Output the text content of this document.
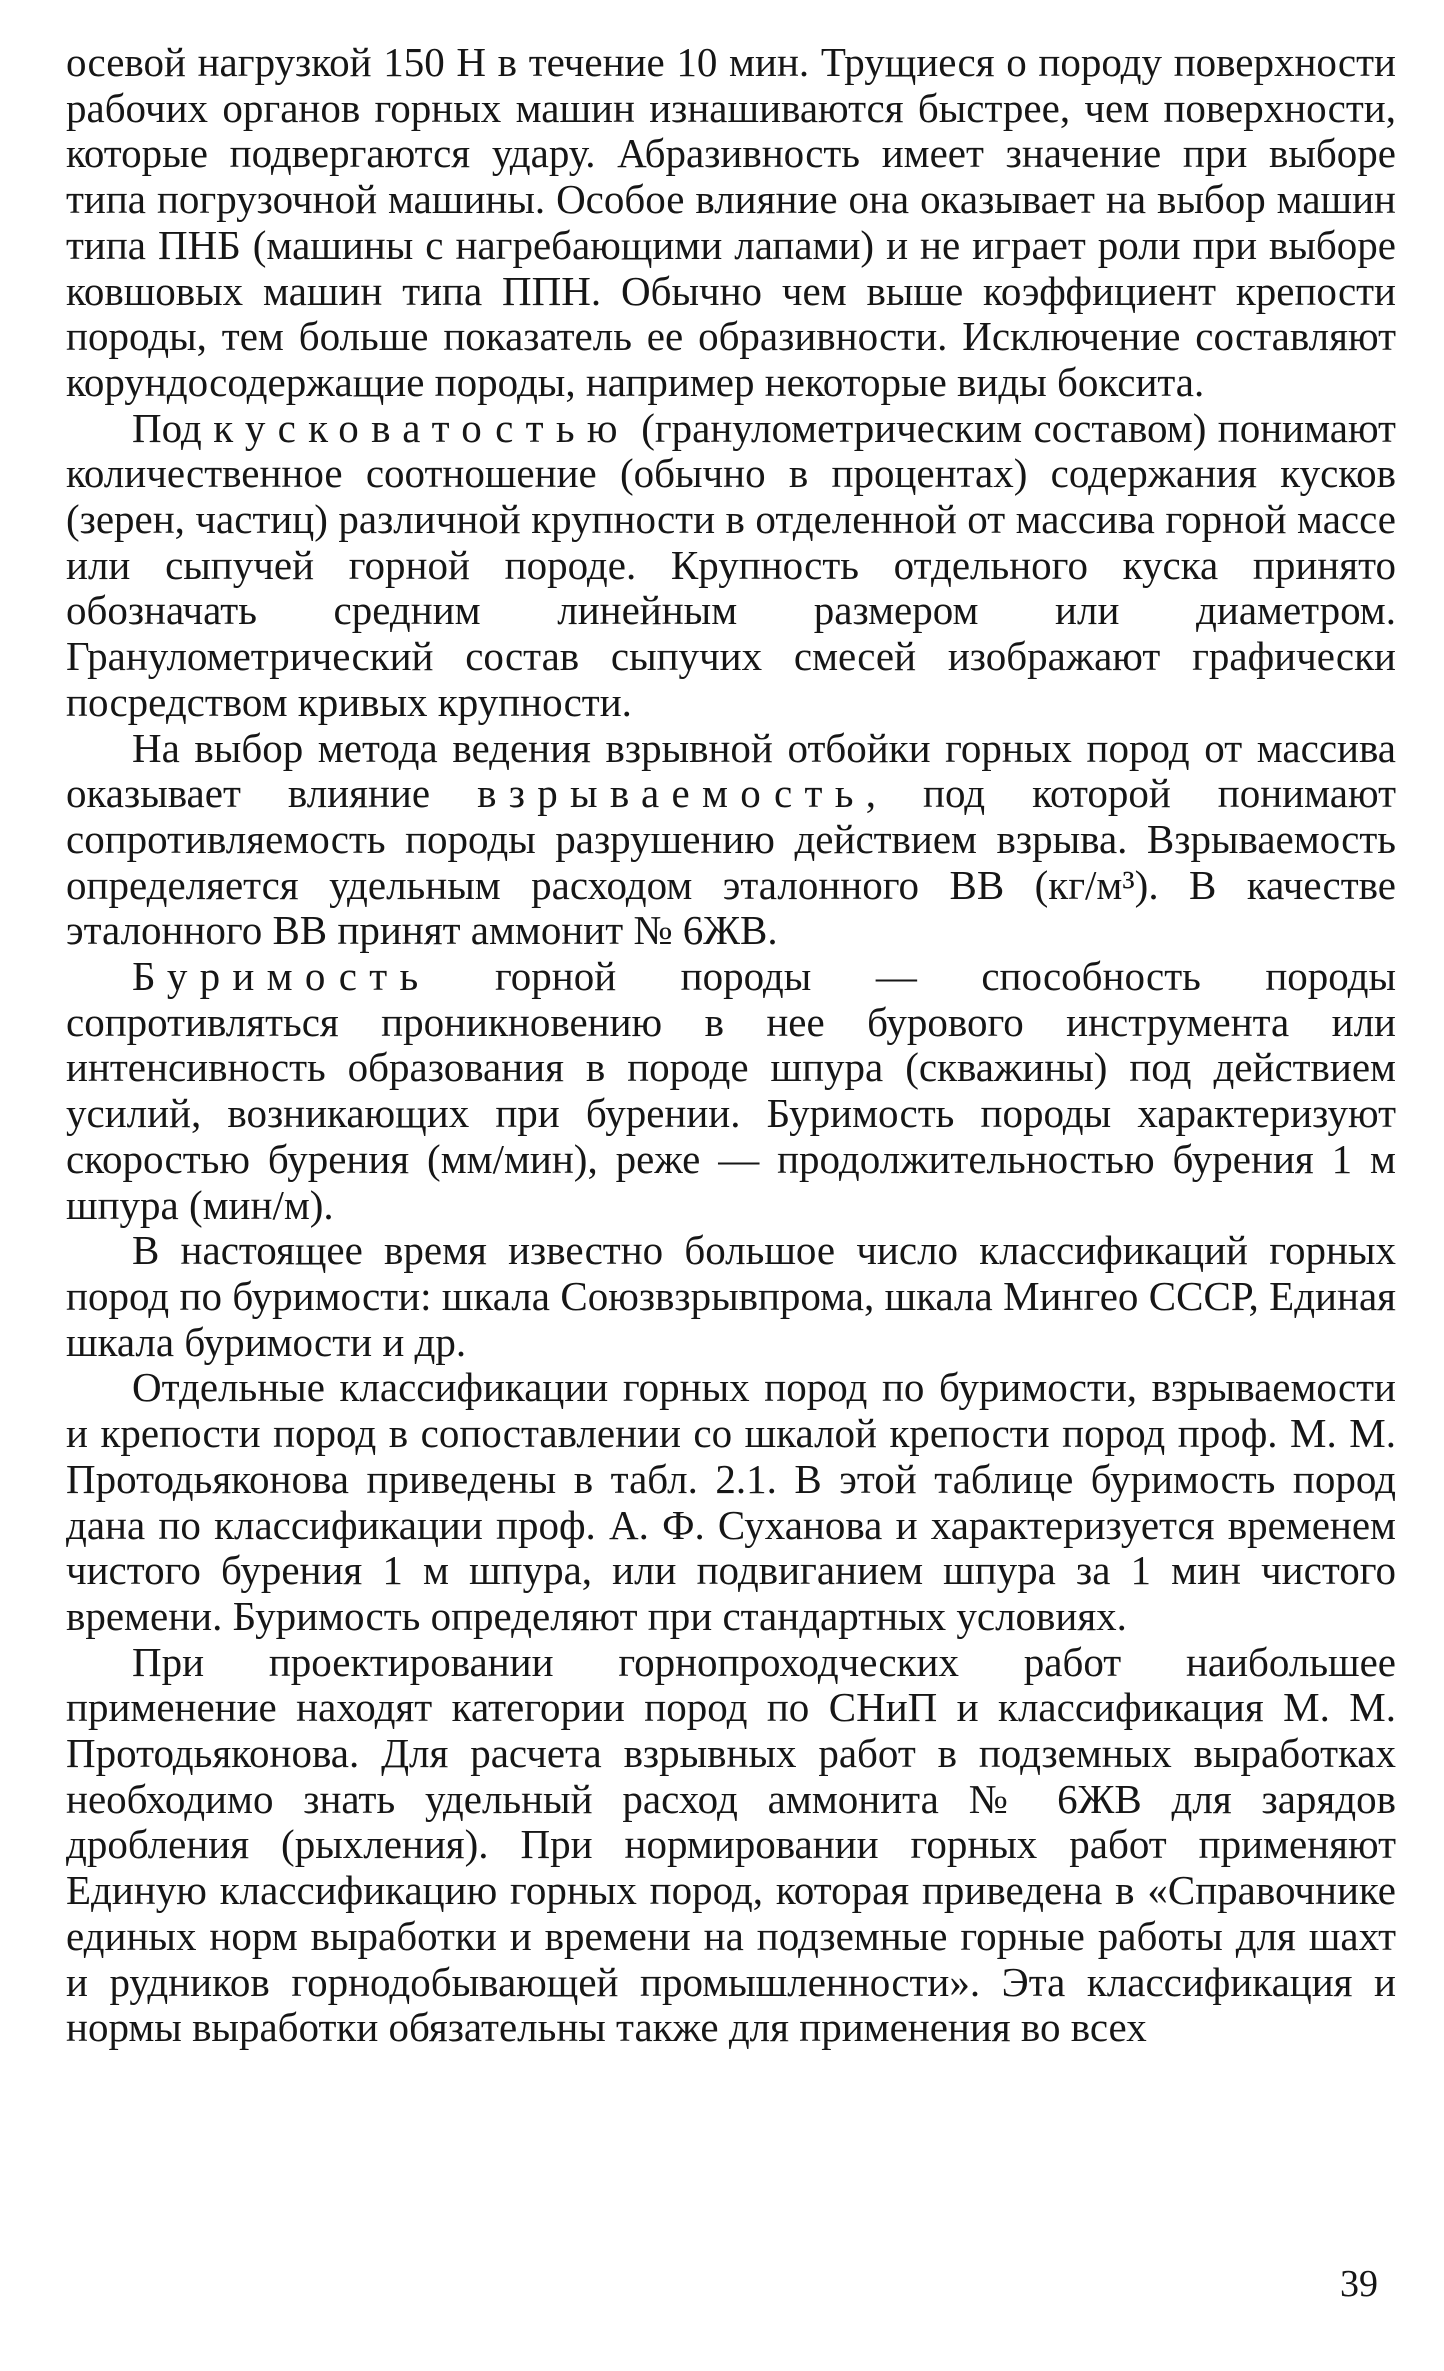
осевой нагрузкой 150 Н в течение 10 мин. Трущиеся о породу поверхности рабочих органов горных машин изнашиваются быстрее, чем поверхности, которые подвергаются удару. Абразивность имеет значение при выборе типа погрузочной машины. Особое влияние она оказывает на выбор машин типа ПНБ (машины с нагребающими лапами) и не играет роли при выборе ковшовых машин типа ППН. Обычно чем выше коэффициент крепости породы, тем больше показатель ее образивности. Исключение составляют корундосодержащие породы, например некоторые виды боксита.

Под кусковатостью (гранулометрическим составом) понимают количественное соотношение (обычно в процентах) содержания кусков (зерен, частиц) различной крупности в отделенной от массива горной массе или сыпучей горной породе. Крупность отдельного куска принято обозначать средним линейным размером или диаметром. Гранулометрический состав сыпучих смесей изображают графически посредством кривых крупности.

На выбор метода ведения взрывной отбойки горных пород от массива оказывает влияние взрываемость, под которой понимают сопротивляемость породы разрушению действием взрыва. Взрываемость определяется удельным расходом эталонного ВВ (кг/м³). В качестве эталонного ВВ принят аммонит № 6ЖВ.

Буримость горной породы — способность породы сопротивляться проникновению в нее бурового инструмента или интенсивность образования в породе шпура (скважины) под действием усилий, возникающих при бурении. Буримость породы характеризуют скоростью бурения (мм/мин), реже — продолжительностью бурения 1 м шпура (мин/м).

В настоящее время известно большое число классификаций горных пород по буримости: шкала Союзвзрывпрома, шкала Мингео СССР, Единая шкала буримости и др.

Отдельные классификации горных пород по буримости, взрываемости и крепости пород в сопоставлении со шкалой крепости пород проф. М. М. Протодьяконова приведены в табл. 2.1. В этой таблице буримость пород дана по классификации проф. А. Ф. Суханова и характеризуется временем чистого бурения 1 м шпура, или подвиганием шпура за 1 мин чистого времени. Буримость определяют при стандартных условиях.

При проектировании горнопроходческих работ наибольшее применение находят категории пород по СНиП и классификация М. М. Протодьяконова. Для расчета взрывных работ в подземных выработках необходимо знать удельный расход аммонита № 6ЖВ для зарядов дробления (рыхления). При нормировании горных работ применяют Единую классификацию горных пород, которая приведена в «Справочнике единых норм выработки и времени на подземные горные работы для шахт и рудников горнодобывающей промышленности». Эта классификация и нормы выработки обязательны также для применения во всех

39
